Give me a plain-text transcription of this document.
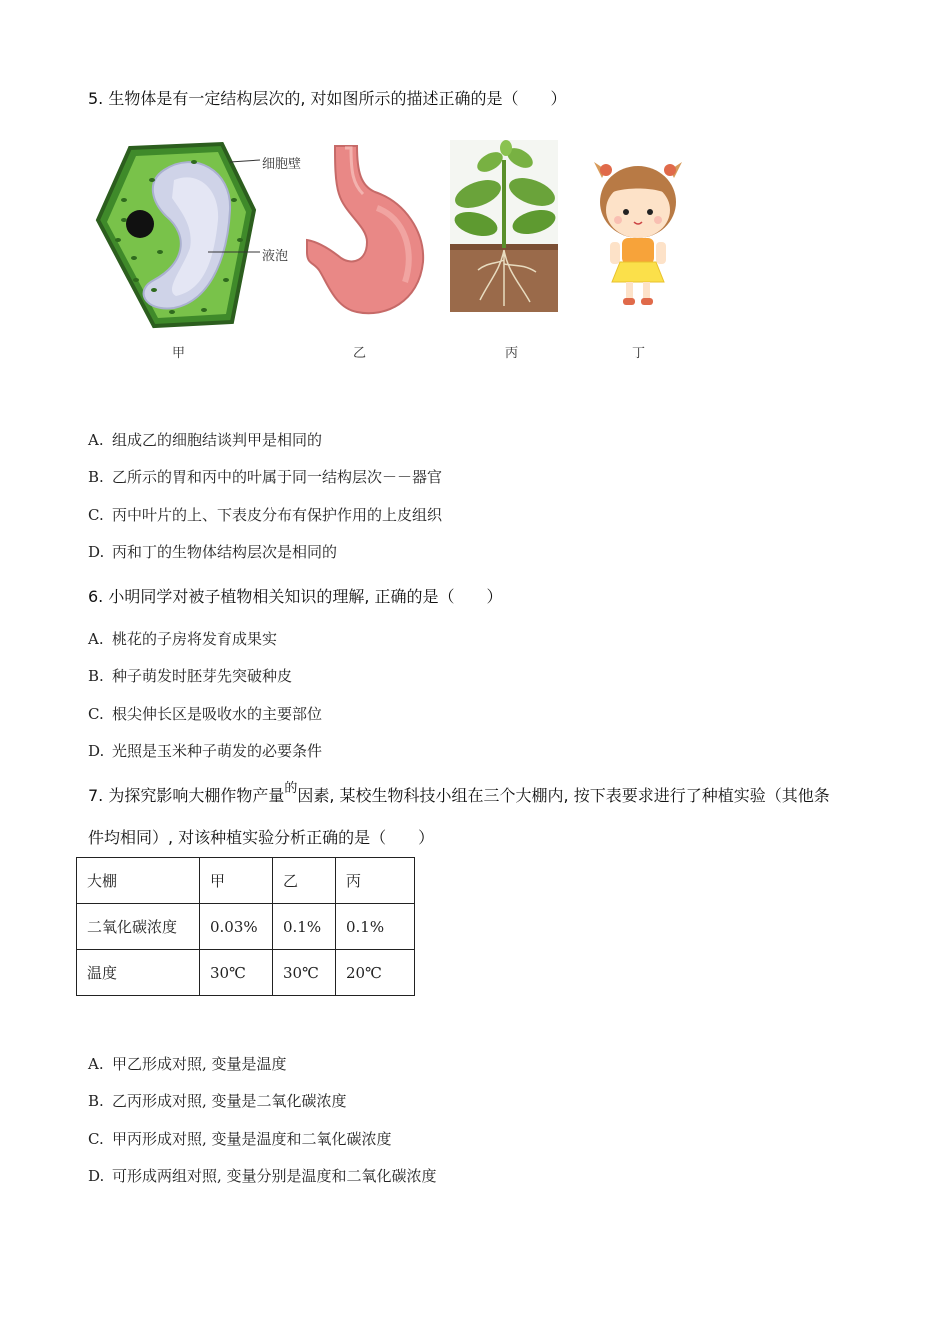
5. 生物体是有一定结构层次的, 对如图所示的描述正确的是（　　）
细胞壁
液泡
甲	乙	丙	丁
A. 组成乙的细胞结谈判甲是相同的
B. 乙所示的胃和丙中的叶属于同一结构层次－－器官
C. 丙中叶片的上、下表皮分布有保护作用的上皮组织
D. 丙和丁的生物体结构层次是相同的
6. 小明同学对被子植物相关知识的理解, 正确的是（　　）
A. 桃花的子房将发育成果实
B. 种子萌发时胚芽先突破种皮
C. 根尖伸长区是吸收水的主要部位
D. 光照是玉米种子萌发的必要条件
7. 为探究影响大棚作物产量$^的$因素, 某校生物科技小组在三个大棚内, 按下表要求进行了种植实验（其他条
件均相同）, 对该种植实验分析正确的是（　　）
大棚	甲	乙	丙
二氧化碳浓度	0.03%	0.1%	0.1%
温度	30℃	30℃	20℃
A. 甲乙形成对照, 变量是温度
B. 乙丙形成对照, 变量是二氧化碳浓度
C. 甲丙形成对照, 变量是温度和二氧化碳浓度
D. 可形成两组对照, 变量分别是温度和二氧化碳浓度
